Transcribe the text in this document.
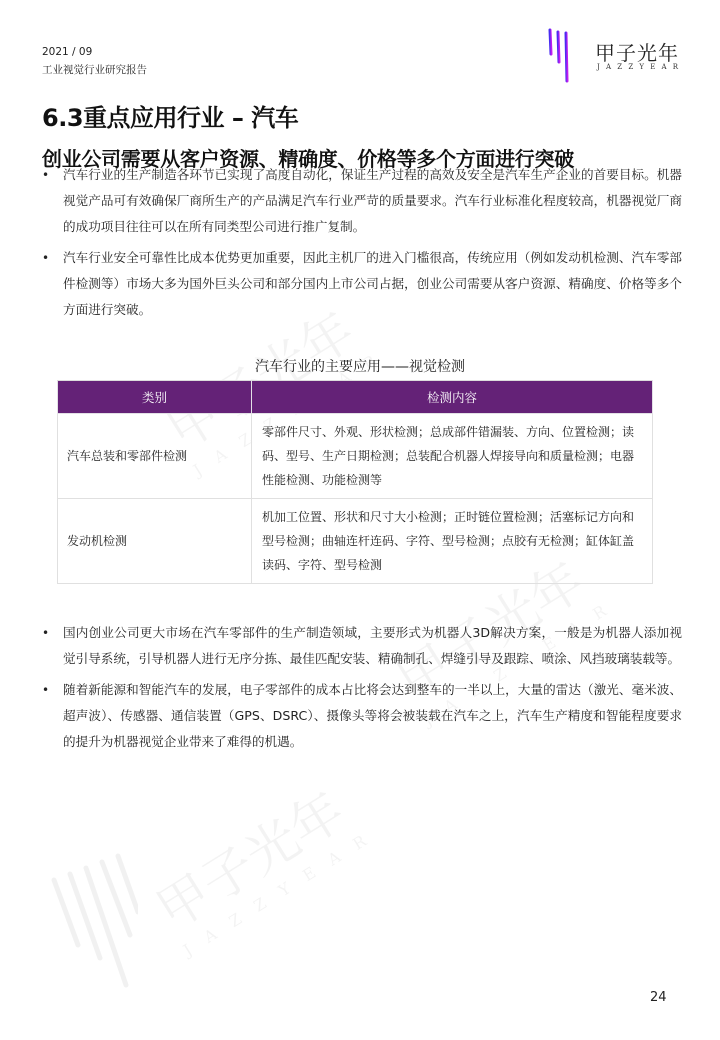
2021 / 09
工业视觉行业研究报告
甲子光年
JAZZYEAR
6.3重点应用行业 – 汽车
创业公司需要从客户资源、精确度、价格等多个方面进行突破
• 汽车行业的生产制造各环节已实现了高度自动化，保证生产过程的高效及安全是汽车生产企业的首要目标。机器视觉产品可有效确保厂商所生产的产品满足汽车行业严苛的质量要求。汽车行业标准化程度较高，机器视觉厂商的成功项目往往可以在所有同类型公司进行推广复制。
• 汽车行业安全可靠性比成本优势更加重要，因此主机厂的进入门槛很高，传统应用（例如发动机检测、汽车零部件检测等）市场大多为国外巨头公司和部分国内上市公司占据，创业公司需要从客户资源、精确度、价格等多个方面进行突破。
汽车行业的主要应用——视觉检测
类别	检测内容
汽车总装和零部件检测	零部件尺寸、外观、形状检测；总成部件错漏装、方向、位置检测；读码、型号、生产日期检测；总装配合机器人焊接导向和质量检测；电器性能检测、功能检测等
发动机检测	机加工位置、形状和尺寸大小检测；正时链位置检测；活塞标记方向和型号检测；曲轴连杆连码、字符、型号检测；点胶有无检测；缸体缸盖读码、字符、型号检测
• 国内创业公司更大市场在汽车零部件的生产制造领域，主要形式为机器人3D解决方案，一般是为机器人添加视觉引导系统，引导机器人进行无序分拣、最佳匹配安装、精确制孔、焊缝引导及跟踪、喷涂、风挡玻璃装载等。
• 随着新能源和智能汽车的发展，电子零部件的成本占比将会达到整车的一半以上，大量的雷达（激光、毫米波、超声波）、传感器、通信装置（GPS、DSRC）、摄像头等将会被装载在汽车之上，汽车生产精度和智能程度要求的提升为机器视觉企业带来了难得的机遇。
24
